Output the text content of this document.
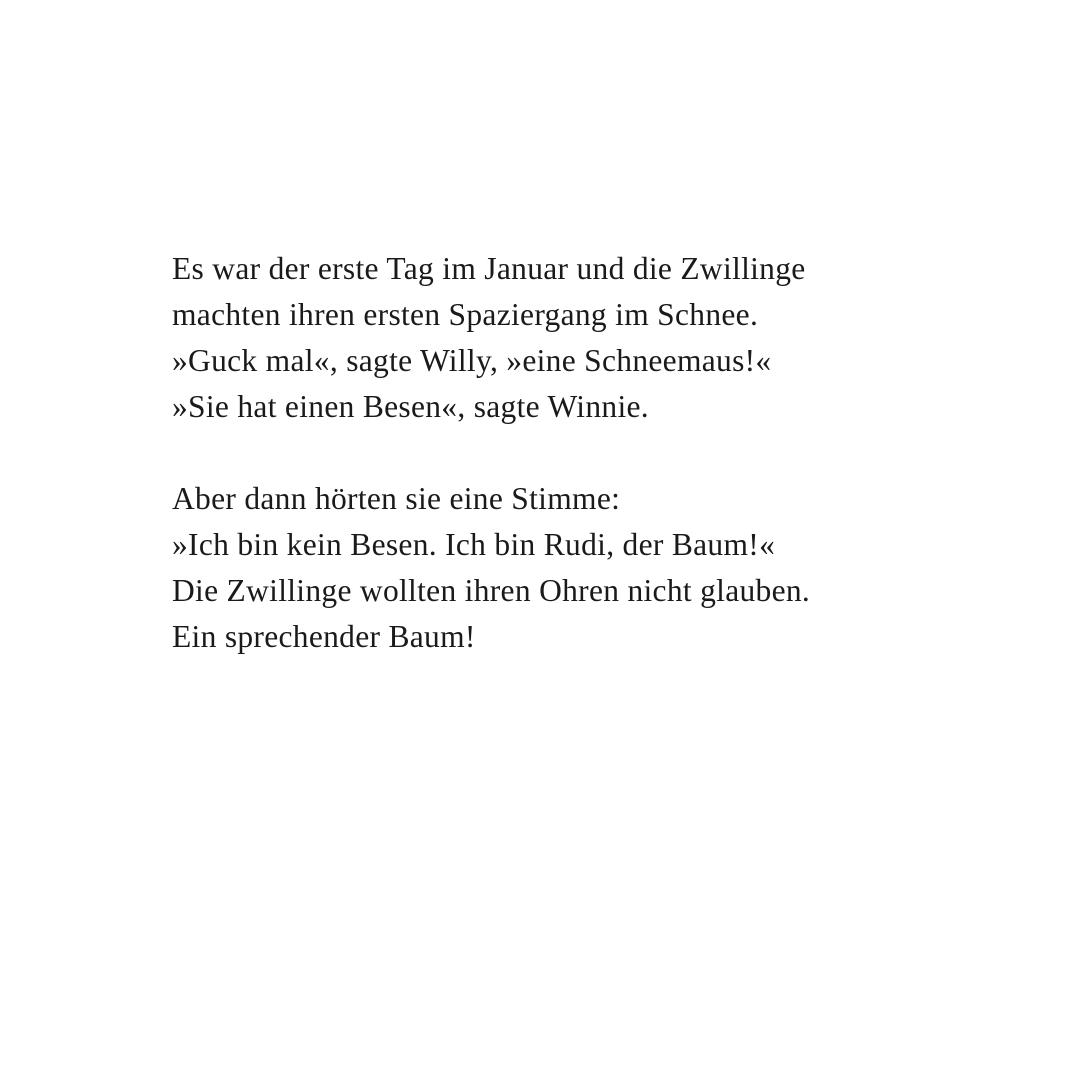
Es war der erste Tag im Januar und die Zwillinge
machten ihren ersten Spaziergang im Schnee.
»Guck mal«, sagte Willy, »eine Schneemaus!«
»Sie hat einen Besen«, sagte Winnie.

Aber dann hörten sie eine Stimme:
»Ich bin kein Besen. Ich bin Rudi, der Baum!«
Die Zwillinge wollten ihren Ohren nicht glauben.
Ein sprechender Baum!
